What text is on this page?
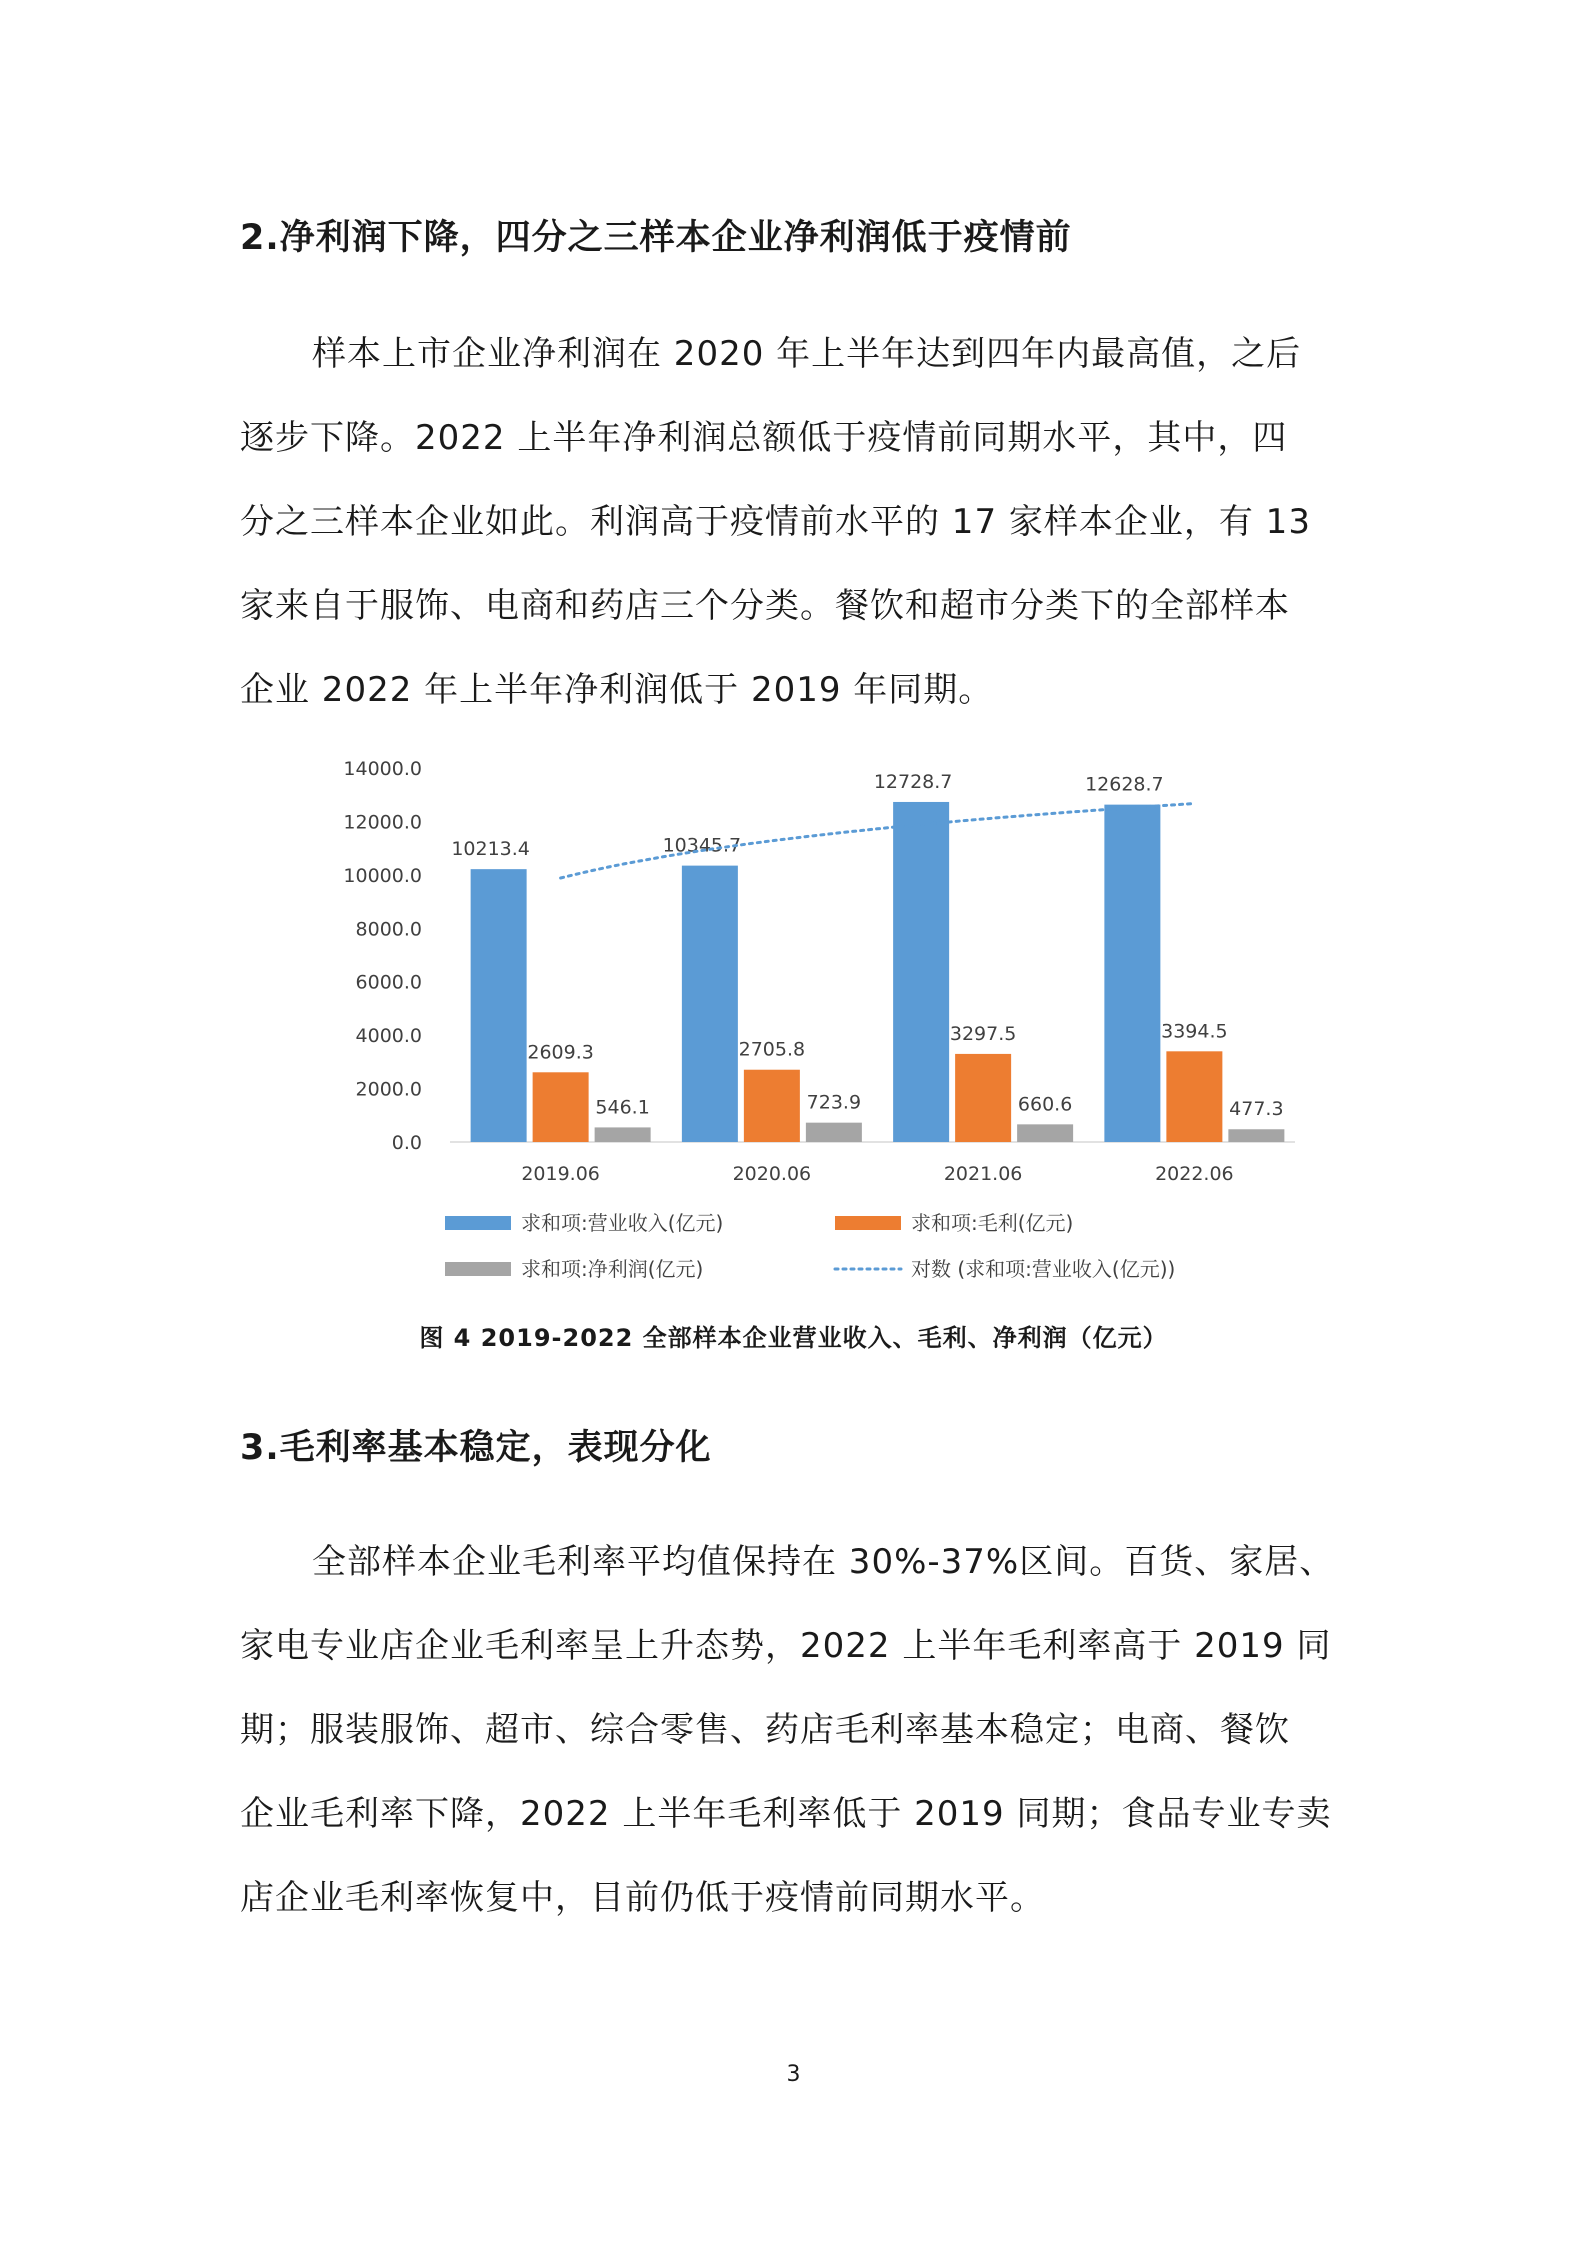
2.净利润下降，四分之三样本企业净利润低于疫情前

样本上市企业净利润在 2020 年上半年达到四年内最高值，之后
逐步下降。2022 上半年净利润总额低于疫情前同期水平，其中，四
分之三样本企业如此。利润高于疫情前水平的 17 家样本企业，有 13
家来自于服饰、电商和药店三个分类。餐饮和超市分类下的全部样本
企业 2022 年上半年净利润低于 2019 年同期。

0.0
2000.0
4000.0
6000.0
8000.0
10000.0
12000.0
14000.0
2019.06
10213.4
2609.3
546.1
2020.06
10345.7
2705.8
723.9
2021.06
12728.7
3297.5
660.6
2022.06
12628.7
3394.5
477.3
求和项:营业收入(亿元)	求和项:毛利(亿元)
求和项:净利润(亿元)	对数 (求和项:营业收入(亿元))

图 4 2019-2022 全部样本企业营业收入、毛利、净利润（亿元）

3.毛利率基本稳定，表现分化

全部样本企业毛利率平均值保持在 30%-37%区间。百货、家居、
家电专业店企业毛利率呈上升态势，2022 上半年毛利率高于 2019 同
期；服装服饰、超市、综合零售、药店毛利率基本稳定；电商、餐饮
企业毛利率下降，2022 上半年毛利率低于 2019 同期；食品专业专卖
店企业毛利率恢复中，目前仍低于疫情前同期水平。

3
